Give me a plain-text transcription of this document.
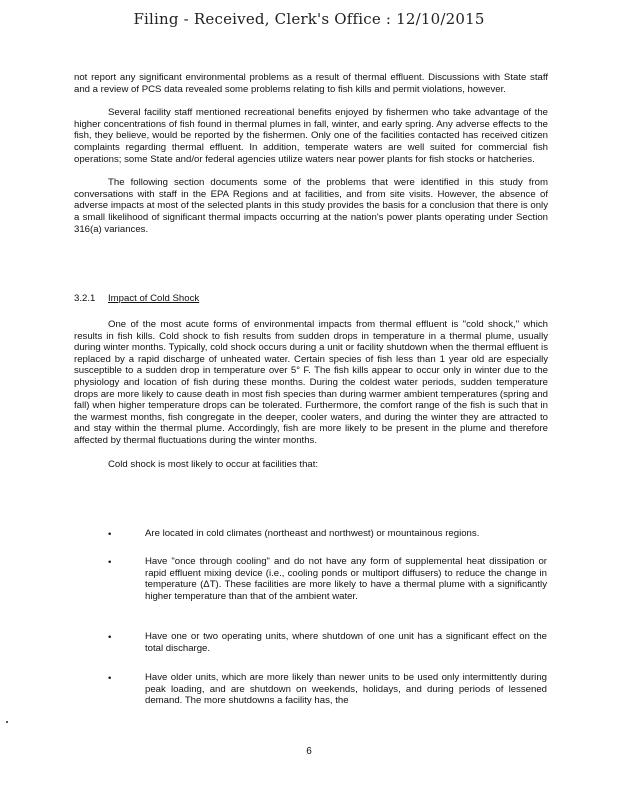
Filing - Received, Clerk's Office : 12/10/2015

not report any significant environmental problems as a result of thermal effluent. Discussions with State staff and a review of PCS data revealed some problems relating to fish kills and permit violations, however.

Several facility staff mentioned recreational benefits enjoyed by fishermen who take advantage of the higher concentrations of fish found in thermal plumes in fall, winter, and early spring. Any adverse effects to the fish, they believe, would be reported by the fishermen. Only one of the facilities contacted has received citizen complaints regarding thermal effluent. In addition, temperate waters are well suited for commercial fish operations; some State and/or federal agencies utilize waters near power plants for fish stocks or hatcheries.

The following section documents some of the problems that were identified in this study from conversations with staff in the EPA Regions and at facilities, and from site visits. However, the absence of adverse impacts at most of the selected plants in this study provides the basis for a conclusion that there is only a small likelihood of significant thermal impacts occurring at the nation's power plants operating under Section 316(a) variances.

3.2.1 Impact of Cold Shock

One of the most acute forms of environmental impacts from thermal effluent is "cold shock," which results in fish kills. Cold shock to fish results from sudden drops in temperature in a thermal plume, usually during winter months. Typically, cold shock occurs during a unit or facility shutdown when the thermal effluent is replaced by a rapid discharge of unheated water. Certain species of fish less than 1 year old are especially susceptible to a sudden drop in temperature over 5° F. The fish kills appear to occur only in winter due to the physiology and location of fish during these months. During the coldest water periods, sudden temperature drops are more likely to cause death in most fish species than during warmer ambient temperatures (spring and fall) when higher temperature drops can be tolerated. Furthermore, the comfort range of the fish is such that in the warmest months, fish congregate in the deeper, cooler waters, and during the winter they are attracted to and stay within the thermal plume. Accordingly, fish are more likely to be present in the plume and therefore affected by thermal fluctuations during the winter months.

Cold shock is most likely to occur at facilities that:

•	Are located in cold climates (northeast and northwest) or mountainous regions.

•	Have "once through cooling" and do not have any form of supplemental heat dissipation or rapid effluent mixing device (i.e., cooling ponds or multiport diffusers) to reduce the change in temperature (ΔT). These facilities are more likely to have a thermal plume with a significantly higher temperature than that of the ambient water.

•	Have one or two operating units, where shutdown of one unit has a significant effect on the total discharge.

•	Have older units, which are more likely than newer units to be used only intermittently during peak loading, and are shutdown on weekends, holidays, and during periods of lessened demand. The more shutdowns a facility has, the

6
